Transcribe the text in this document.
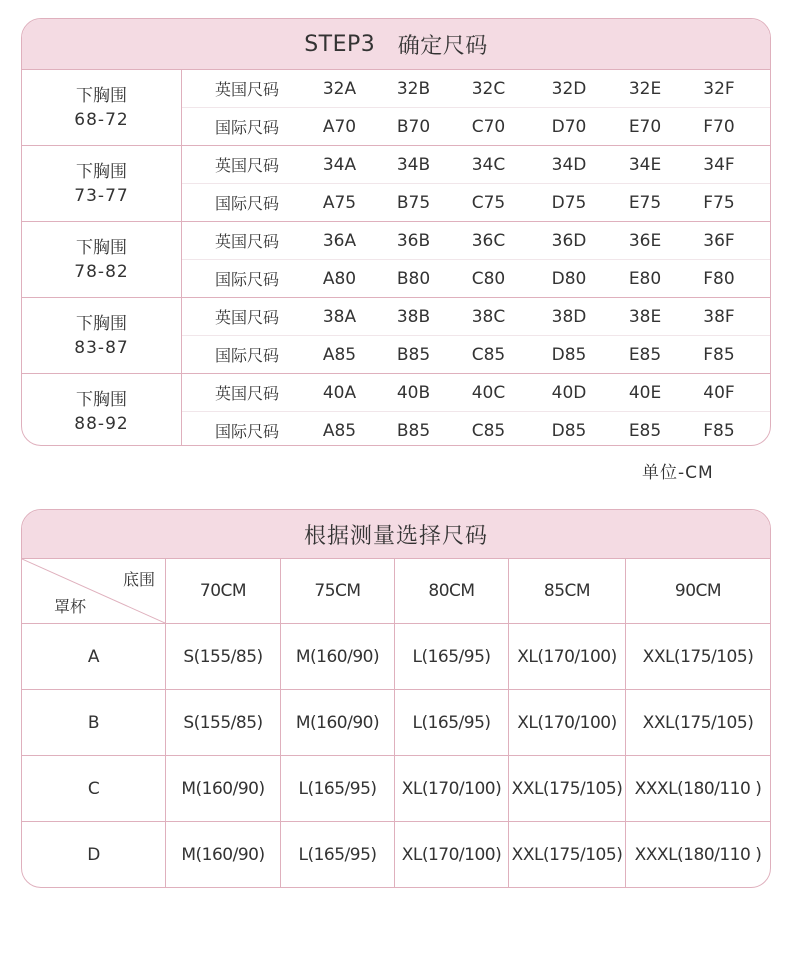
STEP3
确定尺码
下胸围
68-72
英国尺码	32A	32B	32C	32D	32E	32F
国际尺码	A70	B70	C70	D70	E70	F70
下胸围
73-77
英国尺码	34A	34B	34C	34D	34E	34F
国际尺码	A75	B75	C75	D75	E75	F75
下胸围
78-82
英国尺码	36A	36B	36C	36D	36E	36F
国际尺码	A80	B80	C80	D80	E80	F80
下胸围
83-87
英国尺码	38A	38B	38C	38D	38E	38F
国际尺码	A85	B85	C85	D85	E85	F85
下胸围
88-92
英国尺码	40A	40B	40C	40D	40E	40F
国际尺码	A85	B85	C85	D85	E85	F85
单位-CM
根据测量选择尺码
底围
罩杯
70CM	75CM	80CM	85CM	90CM
A	S(155/85)	M(160/90)	L(165/95)	XL(170/100)	XXL(175/105)
B	S(155/85)	M(160/90)	L(165/95)	XL(170/100)	XXL(175/105)
C	M(160/90)	L(165/95)	XL(170/100) XXL(175/105) XXXL(180/110 )
D	M(160/90)	L(165/95)	XL(170/100) XXL(175/105) XXXL(180/110 )
